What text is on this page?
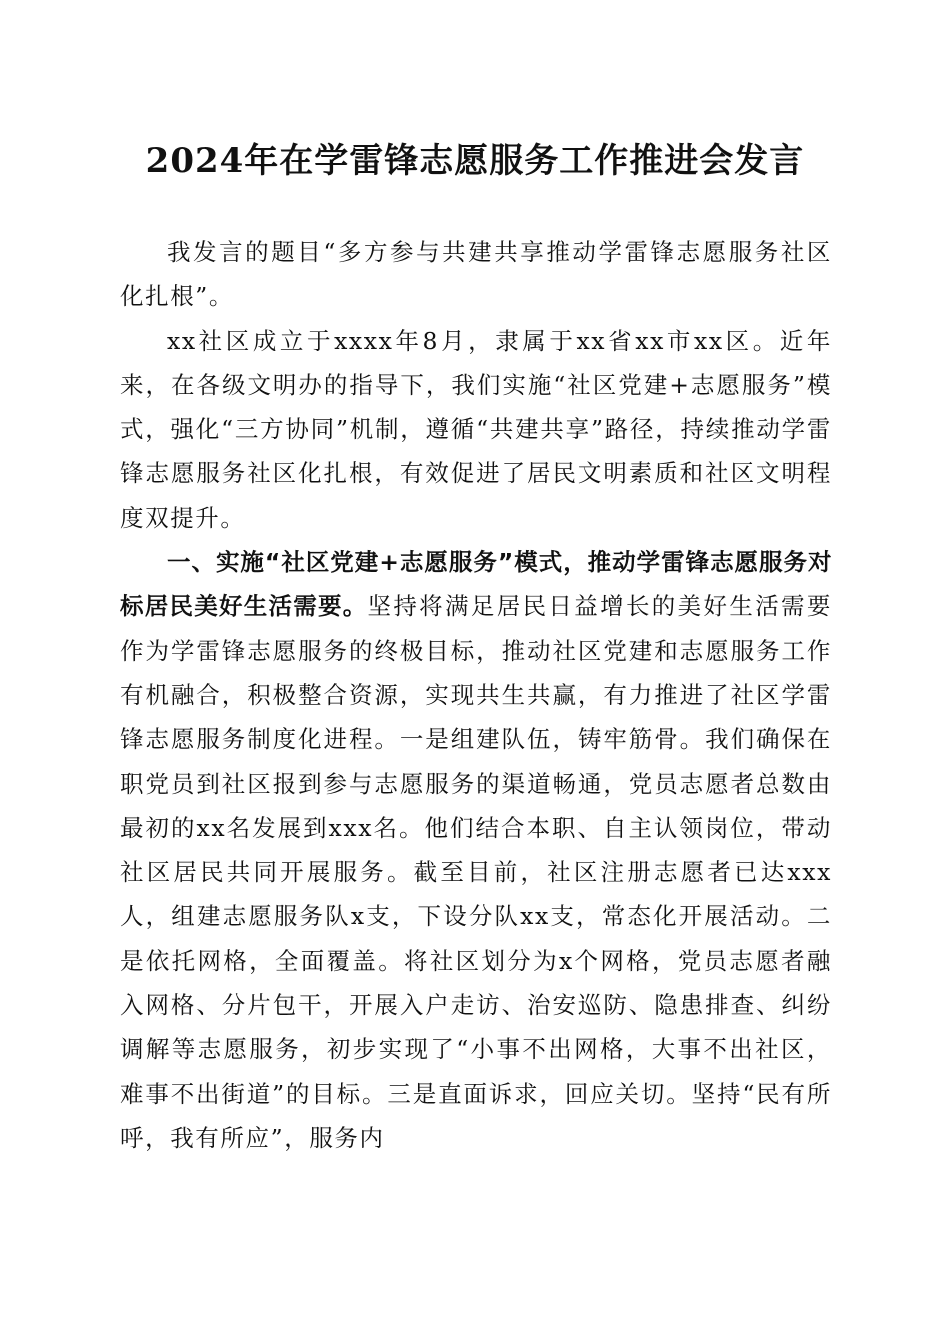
2024年在学雷锋志愿服务工作推进会发言

我发言的题目“多方参与共建共享推动学雷锋志愿服务社区化扎根”。

xx社区成立于xxxx年8月，隶属于xx省xx市xx区。近年来，在各级文明办的指导下，我们实施“社区党建+志愿服务”模式，强化“三方协同”机制，遵循“共建共享”路径，持续推动学雷锋志愿服务社区化扎根，有效促进了居民文明素质和社区文明程度双提升。

一、实施“社区党建+志愿服务”模式，推动学雷锋志愿服务对标居民美好生活需要。坚持将满足居民日益增长的美好生活需要作为学雷锋志愿服务的终极目标，推动社区党建和志愿服务工作有机融合，积极整合资源，实现共生共赢，有力推进了社区学雷锋志愿服务制度化进程。一是组建队伍，铸牢筋骨。我们确保在职党员到社区报到参与志愿服务的渠道畅通，党员志愿者总数由最初的xx名发展到xxx名。他们结合本职、自主认领岗位，带动社区居民共同开展服务。截至目前，社区注册志愿者已达xxx人，组建志愿服务队x支，下设分队xx支，常态化开展活动。二是依托网格，全面覆盖。将社区划分为x个网格，党员志愿者融入网格、分片包干，开展入户走访、治安巡防、隐患排查、纠纷调解等志愿服务，初步实现了“小事不出网格，大事不出社区，难事不出街道”的目标。三是直面诉求，回应关切。坚持“民有所呼，我有所应”，服务内
